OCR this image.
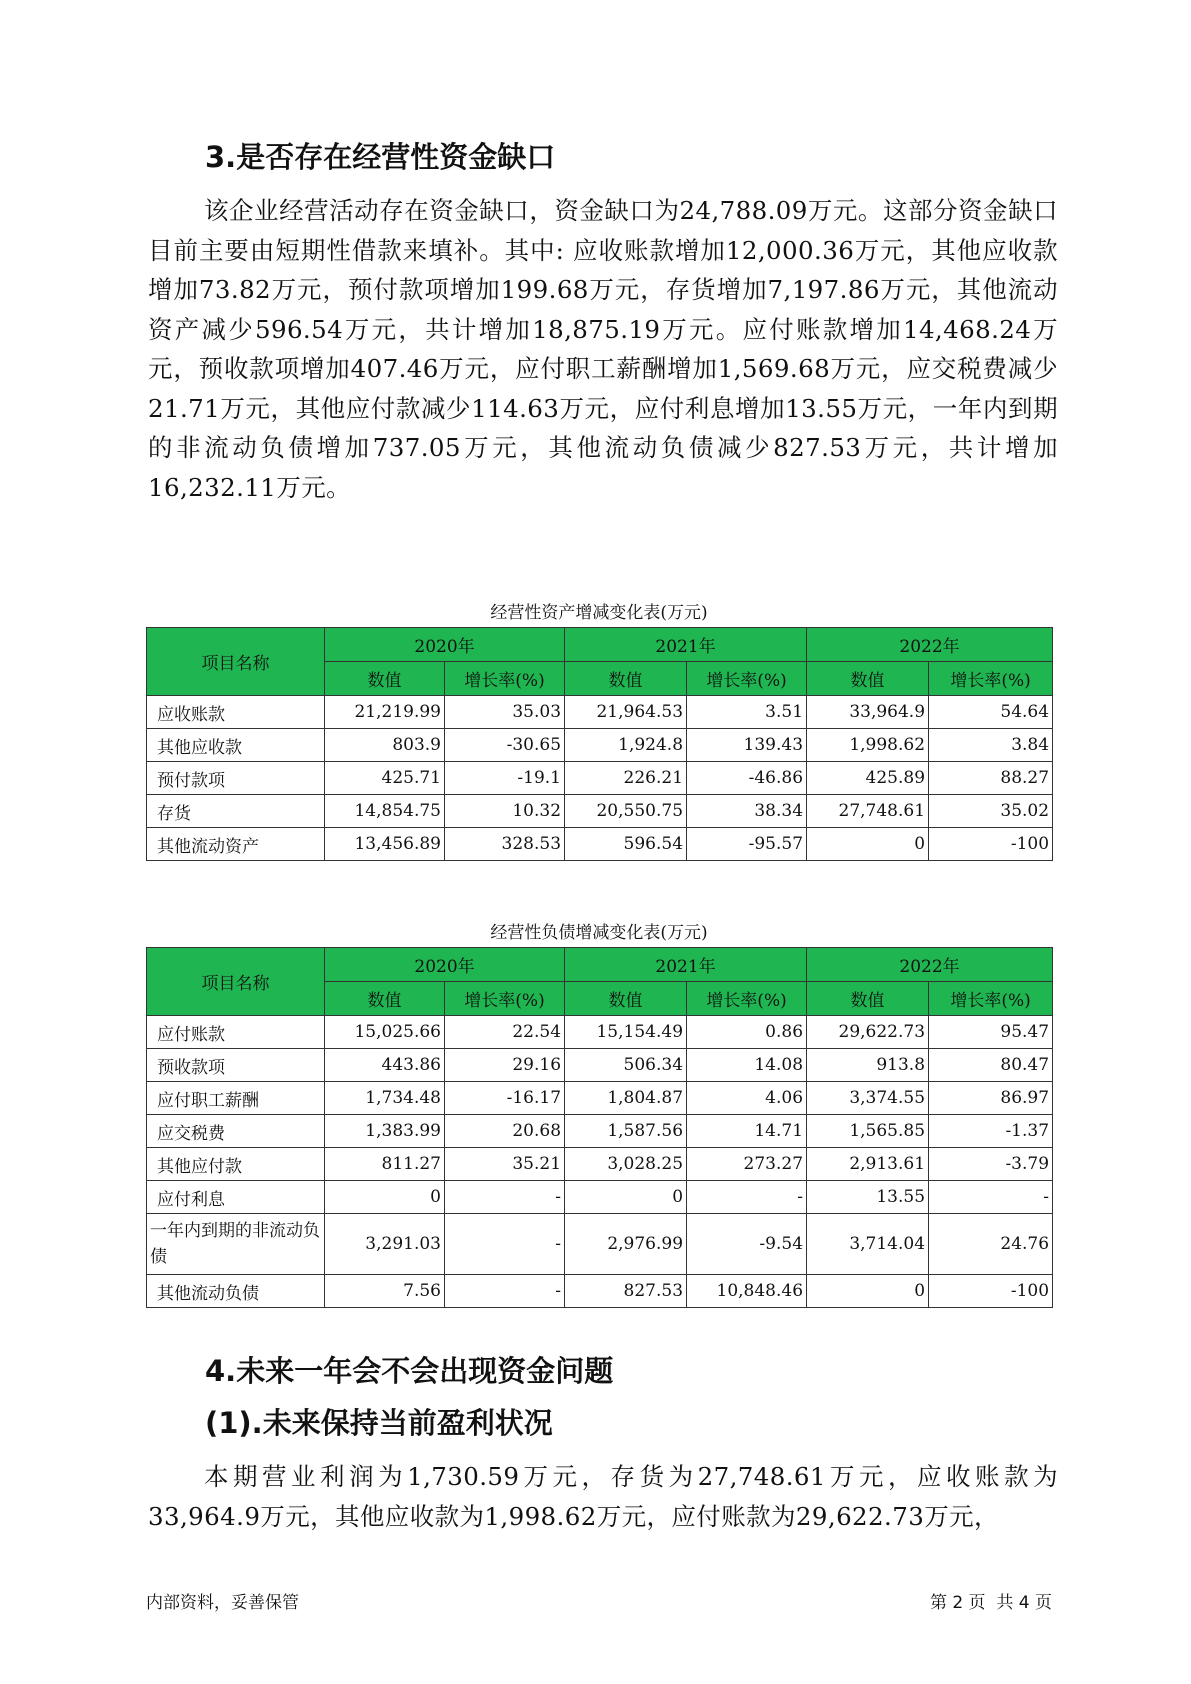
3.是否存在经营性资金缺口

该企业经营活动存在资金缺口，资金缺口为24,788.09万元。这部分资金缺口目前主要由短期性借款来填补。其中: 应收账款增加12,000.36万元，其他应收款增加73.82万元，预付款项增加199.68万元，存货增加7,197.86万元，其他流动资产减少596.54万元，共计增加18,875.19万元。应付账款增加14,468.24万元，预收款项增加407.46万元，应付职工薪酬增加1,569.68万元，应交税费减少21.71万元，其他应付款减少114.63万元，应付利息增加13.55万元，一年内到期的非流动负债增加737.05万元，其他流动负债减少827.53万元，共计增加16,232.11万元。

经营性资产增减变化表(万元)
项目名称	2020年		2021年		2022年	
	数值	增长率(%)	数值	增长率(%)	数值	增长率(%)
应收账款	21,219.99	35.03	21,964.53	3.51	33,964.9	54.64
其他应收款	803.9	-30.65	1,924.8	139.43	1,998.62	3.84
预付款项	425.71	-19.1	226.21	-46.86	425.89	88.27
存货	14,854.75	10.32	20,550.75	38.34	27,748.61	35.02
其他流动资产	13,456.89	328.53	596.54	-95.57	0	-100
经营性负债增减变化表(万元)
项目名称	2020年		2021年		2022年	
	数值	增长率(%)	数值	增长率(%)	数值	增长率(%)
应付账款	15,025.66	22.54	15,154.49	0.86	29,622.73	95.47
预收款项	443.86	29.16	506.34	14.08	913.8	80.47
应付职工薪酬	1,734.48	-16.17	1,804.87	4.06	3,374.55	86.97
应交税费	1,383.99	20.68	1,587.56	14.71	1,565.85	-1.37
其他应付款	811.27	35.21	3,028.25	273.27	2,913.61	-3.79
应付利息	0	-	0	-	13.55	-
一年内到期的非流动负债	3,291.03	-	2,976.99	-9.54	3,714.04	24.76
其他流动负债	7.56	-	827.53	10,848.46	0	-100
4.未来一年会不会出现资金问题
(1).未来保持当前盈利状况

本期营业利润为1,730.59万元，存货为27,748.61万元，应收账款为33,964.9万元，其他应收款为1,998.62万元，应付账款为29,622.73万元，

内部资料，妥善保管	第 2 页  共 4 页
